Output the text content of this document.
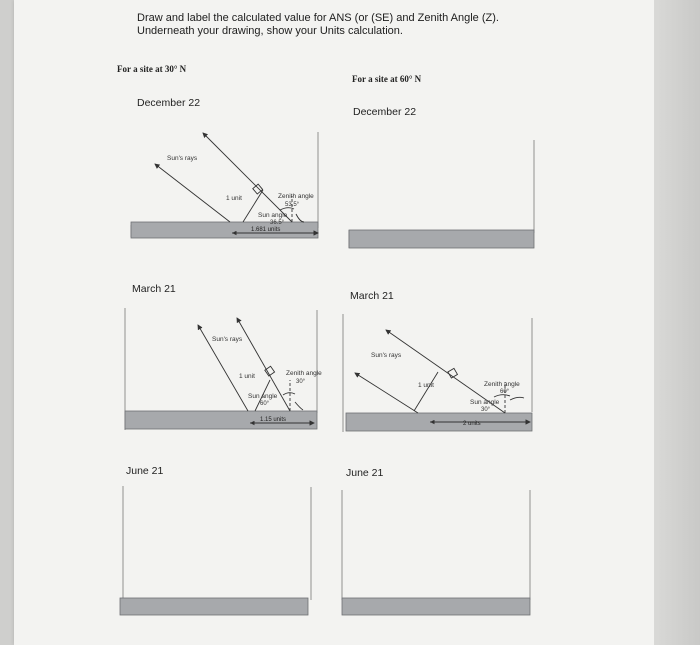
Draw and label the calculated value for ANS (or (SE) and Zenith Angle (Z).
Underneath your drawing, show your Units calculation.
For a site at 30° N
For a site at 60° N
December 22
December 22
March 21
March 21
June 21	June 21
Sun's rays
1 unit	Zenith angle
53.5°
Sun angle
36.5°
1.681 units
Sun's rays
1 unit	Zenith angle
30°
Sun angle
60°
1.15 units
Sun's rays
1 unit	Zenith angle
60°
Sun angle
30°
2 units
